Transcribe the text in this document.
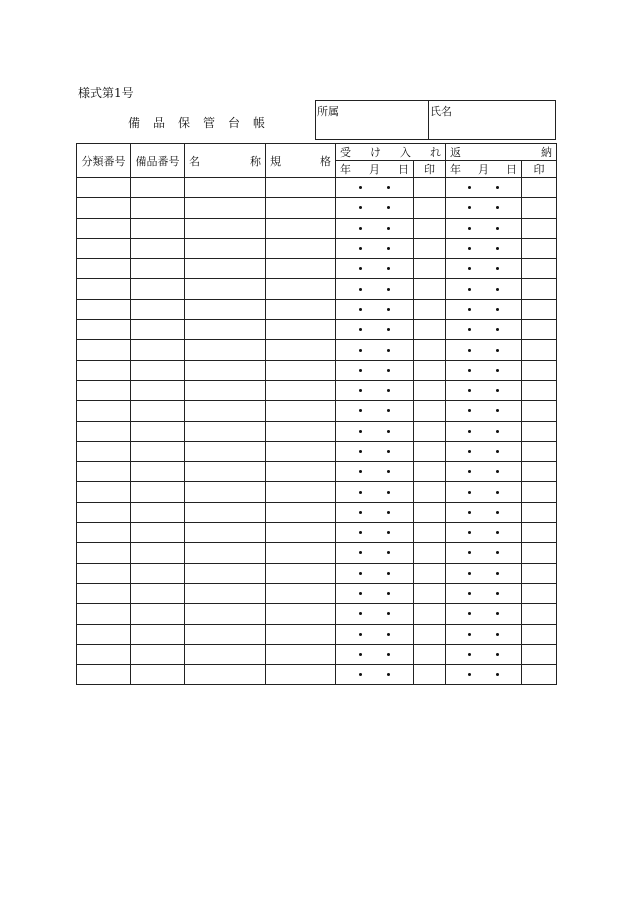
様式第1号
備品保管台帳
所属	氏名
分類番号	備品番号	名 称	規 格	受 け 入 れ		返 納	

				年 月 日	印	年 月 日	印
